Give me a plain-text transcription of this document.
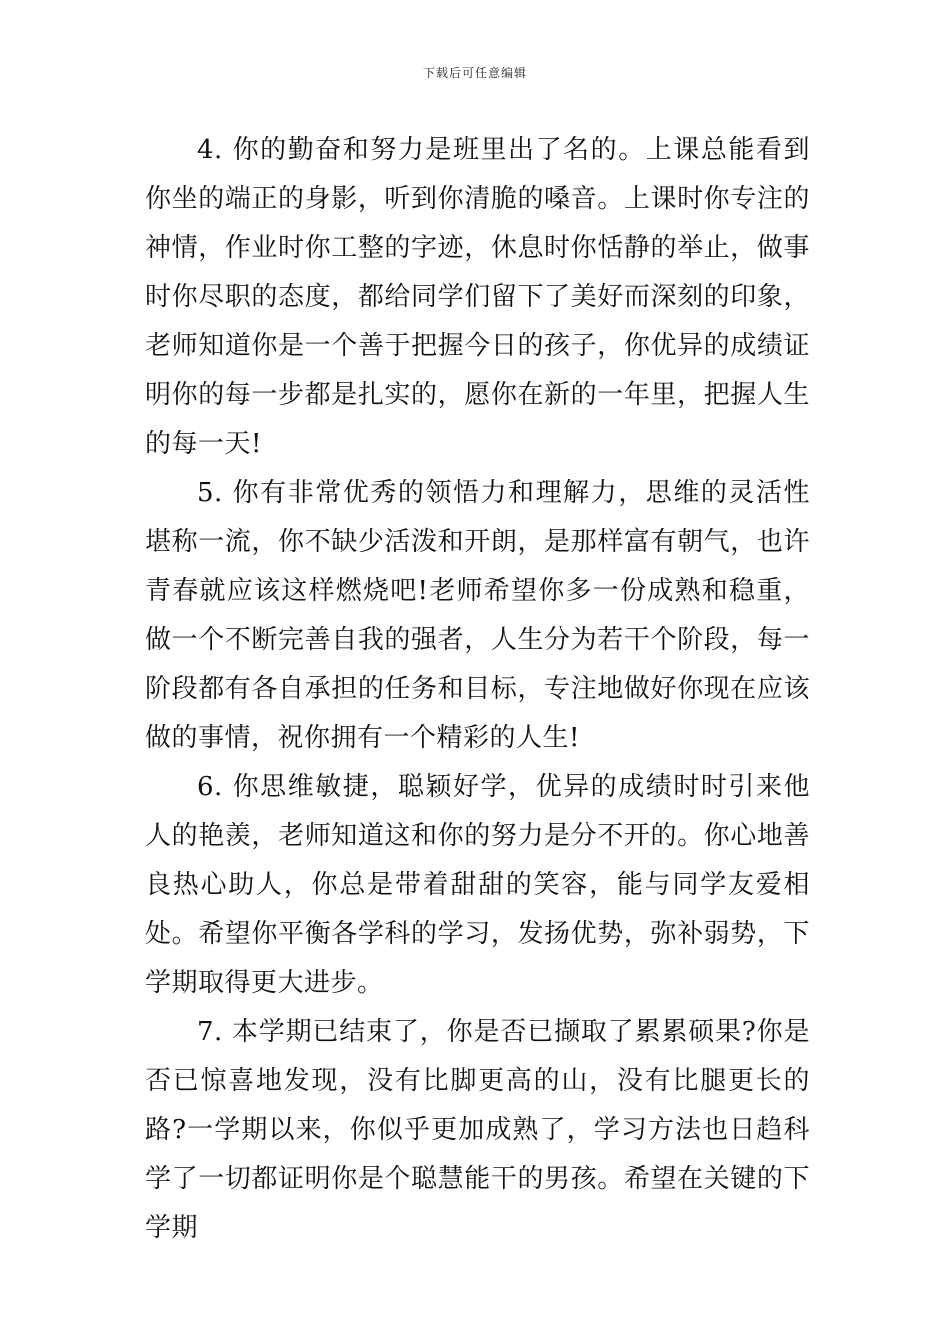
下载后可任意编辑

4. 你的勤奋和努力是班里出了名的。上课总能看到你坐的端正的身影，听到你清脆的嗓音。上课时你专注的神情，作业时你工整的字迹，休息时你恬静的举止，做事时你尽职的态度，都给同学们留下了美好而深刻的印象，老师知道你是一个善于把握今日的孩子，你优异的成绩证明你的每一步都是扎实的，愿你在新的一年里，把握人生的每一天!

5. 你有非常优秀的领悟力和理解力，思维的灵活性堪称一流，你不缺少活泼和开朗，是那样富有朝气，也许青春就应该这样燃烧吧!老师希望你多一份成熟和稳重，做一个不断完善自我的强者，人生分为若干个阶段，每一阶段都有各自承担的任务和目标，专注地做好你现在应该做的事情，祝你拥有一个精彩的人生!

6. 你思维敏捷，聪颖好学，优异的成绩时时引来他人的艳羡，老师知道这和你的努力是分不开的。你心地善良热心助人，你总是带着甜甜的笑容，能与同学友爱相处。希望你平衡各学科的学习，发扬优势，弥补弱势，下学期取得更大进步。

7. 本学期已结束了，你是否已撷取了累累硕果?你是否已惊喜地发现，没有比脚更高的山，没有比腿更长的路?一学期以来，你似乎更加成熟了，学习方法也日趋科学了一切都证明你是个聪慧能干的男孩。希望在关键的下学期
